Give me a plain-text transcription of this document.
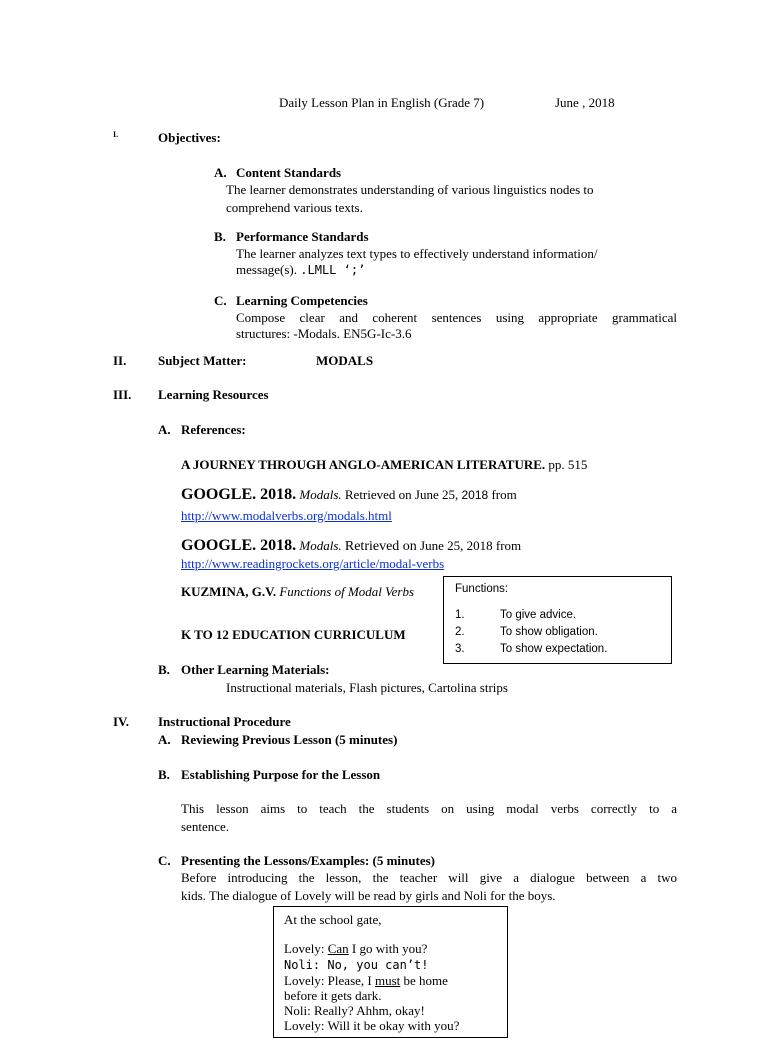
Daily Lesson Plan in English (Grade 7)	June , 2018
I.	Objectives:
A. Content Standards
The learner demonstrates understanding of various linguistics nodes to
comprehend various texts.
B. Performance Standards
The learner analyzes text types to effectively understand information/
message(s). .LMLL ‘;’
C. Learning Competencies
Compose clear and coherent sentences using appropriate grammatical
structures: -Modals. EN5G-Ic-3.6
II. Subject Matter:	MODALS
III. Learning Resources
A. References:
A JOURNEY THROUGH ANGLO-AMERICAN LITERATURE. pp. 515
GOOGLE. 2018. Modals. Retrieved on June 25, 2018 from
http://www.modalverbs.org/modals.html
GOOGLE. 2018. Modals. Retrieved on June 25, 2018 from
http://www.readingrockets.org/article/modal-verbs
KUZMINA, G.V. Functions of Modal Verbs
K TO 12 EDUCATION CURRICULUM
Functions:
1.	To give advice.
2.	To show obligation.
3.	To show expectation.
B. Other Learning Materials:
Instructional materials, Flash pictures, Cartolina strips
IV. Instructional Procedure
A. Reviewing Previous Lesson (5 minutes)
B. Establishing Purpose for the Lesson
This lesson aims to teach the students on using modal verbs correctly to a
sentence.
C. Presenting the Lessons/Examples: (5 minutes)
Before introducing the lesson, the teacher will give a dialogue between a two
kids. The dialogue of Lovely will be read by girls and Noli for the boys.
At the school gate,
Lovely: Can I go with you?
Noli: No, you can’t!
Lovely: Please, I must be home
before it gets dark.
Noli: Really? Ahhm, okay!
Lovely: Will it be okay with you?
